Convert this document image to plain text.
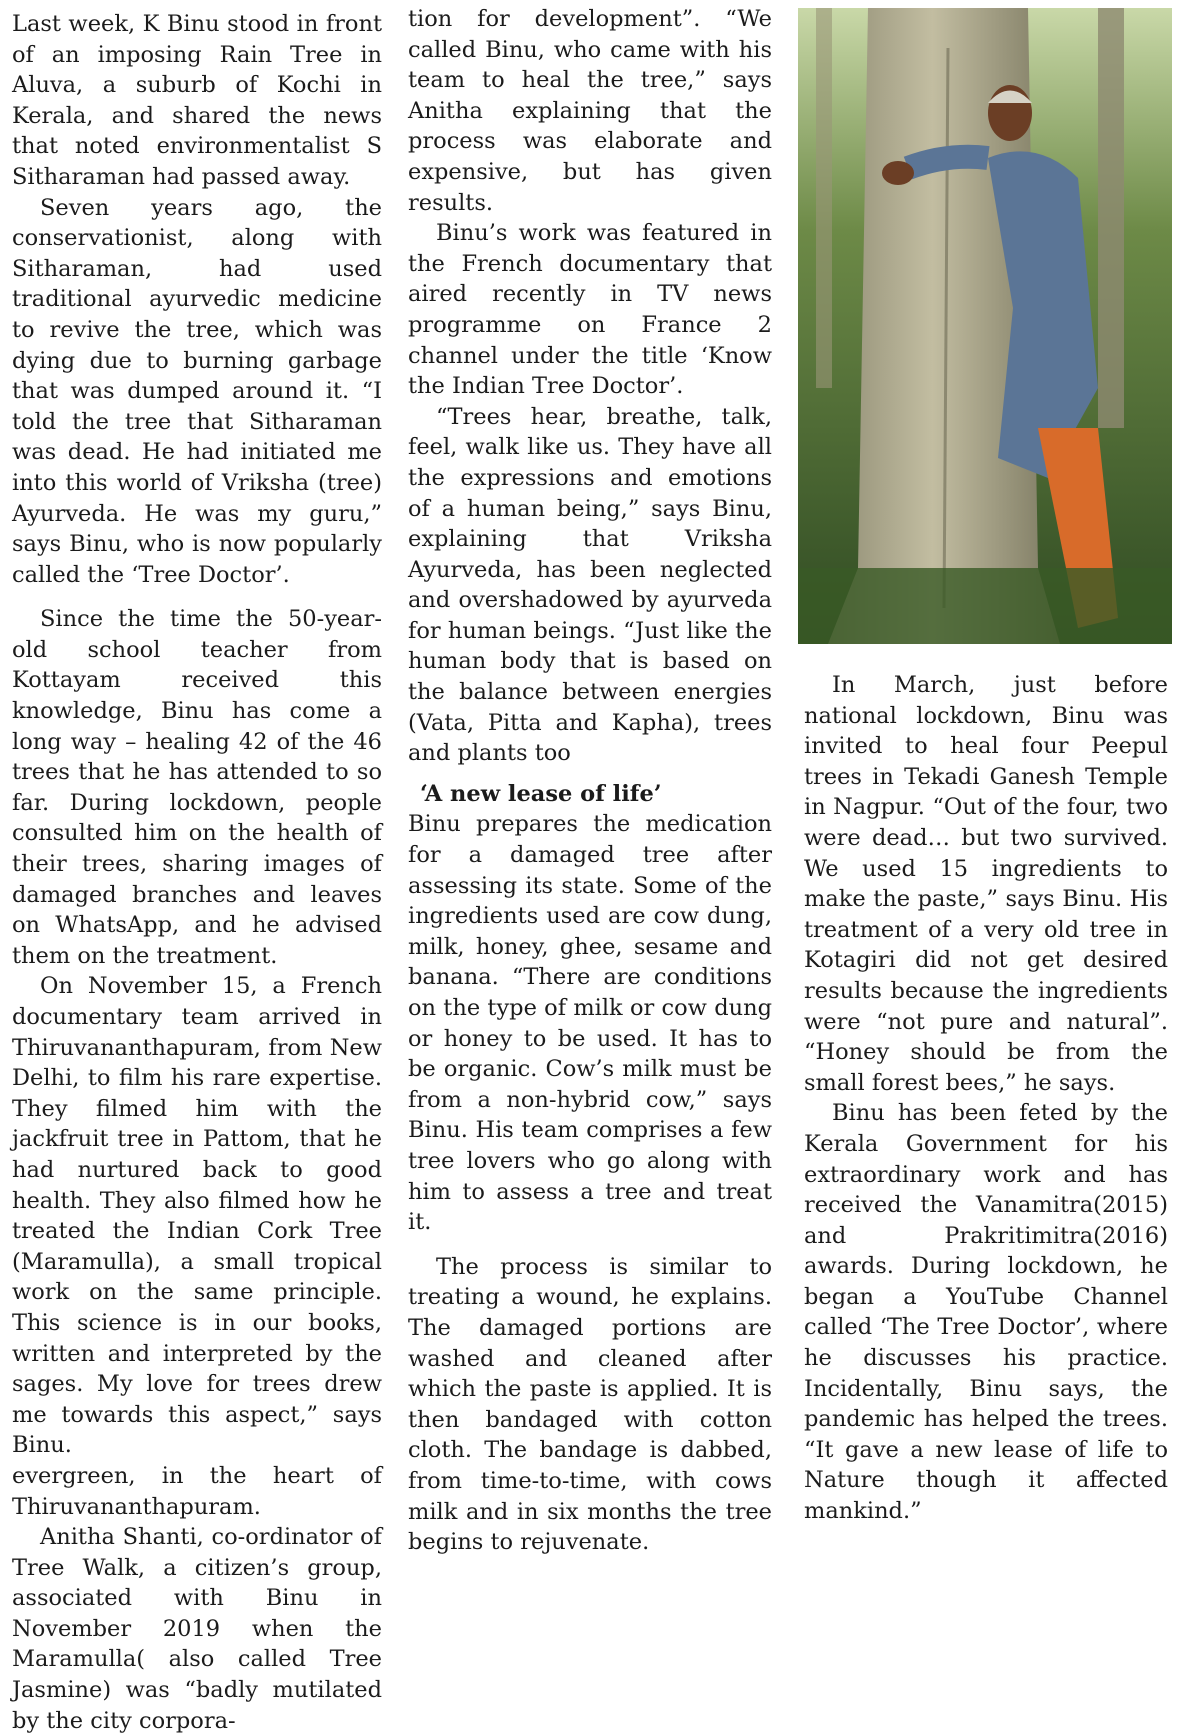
Last week, K Binu stood in front of an imposing Rain Tree in Aluva, a suburb of Kochi in Kerala, and shared the news that noted environmentalist S Sitharaman had passed away.

Seven years ago, the conservationist, along with Sitharaman, had used traditional ayurvedic medicine to revive the tree, which was dying due to burning garbage that was dumped around it. “I told the tree that Sitharaman was dead. He had initiated me into this world of Vriksha (tree) Ayurveda. He was my guru,” says Binu, who is now popularly called the ‘Tree Doctor’.

Since the time the 50-year-old school teacher from Kottayam received this knowledge, Binu has come a long way – healing 42 of the 46 trees that he has attended to so far. During lockdown, people consulted him on the health of their trees, sharing images of damaged branches and leaves on WhatsApp, and he advised them on the treatment.

On November 15, a French documentary team arrived in Thiruvananthapuram, from New Delhi, to film his rare expertise. They filmed him with the jackfruit tree in Pattom, that he had nurtured back to good health. They also filmed how he treated the Indian Cork Tree (Maramulla), a small tropical work on the same principle. This science is in our books, written and interpreted by the sages. My love for trees drew me towards this aspect,” says Binu.

evergreen, in the heart of Thiruvananthapuram.

Anitha Shanti, co-ordinator of Tree Walk, a citizen’s group, associated with Binu in November 2019 when the Maramulla( also called Tree Jasmine) was “badly mutilated by the city corpora-

tion for development”. “We called Binu, who came with his team to heal the tree,” says Anitha explaining that the process was elaborate and expensive, but has given results.

Binu’s work was featured in the French documentary that aired recently in TV news programme on France 2 channel under the title ‘Know the Indian Tree Doctor’.

“Trees hear, breathe, talk, feel, walk like us. They have all the expressions and emotions of a human being,” says Binu, explaining that Vriksha Ayurveda, has been neglected and overshadowed by ayurveda for human beings. “Just like the human body that is based on the balance between energies (Vata, Pitta and Kapha), trees and plants too

‘A new lease of life’

Binu prepares the medication for a damaged tree after assessing its state. Some of the ingredients used are cow dung, milk, honey, ghee, sesame and banana. “There are conditions on the type of milk or cow dung or honey to be used. It has to be organic. Cow’s milk must be from a non-hybrid cow,” says Binu. His team comprises a few tree lovers who go along with him to assess a tree and treat it.

The process is similar to treating a wound, he explains. The damaged portions are washed and cleaned after which the paste is applied. It is then bandaged with cotton cloth. The bandage is dabbed, from time-to-time, with cows milk and in six months the tree begins to rejuvenate.

In March, just before national lockdown, Binu was invited to heal four Peepul trees in Tekadi Ganesh Temple in Nagpur. “Out of the four, two were dead… but two survived. We used 15 ingredients to make the paste,” says Binu. His treatment of a very old tree in Kotagiri did not get desired results because the ingredients were “not pure and natural”. “Honey should be from the small forest bees,” he says.

Binu has been feted by the Kerala Government for his extraordinary work and has received the Vanamitra(2015) and Prakritimitra(2016) awards. During lockdown, he began a YouTube Channel called ‘The Tree Doctor’, where he discusses his practice. Incidentally, Binu says, the pandemic has helped the trees. “It gave a new lease of life to Nature though it affected mankind.”
